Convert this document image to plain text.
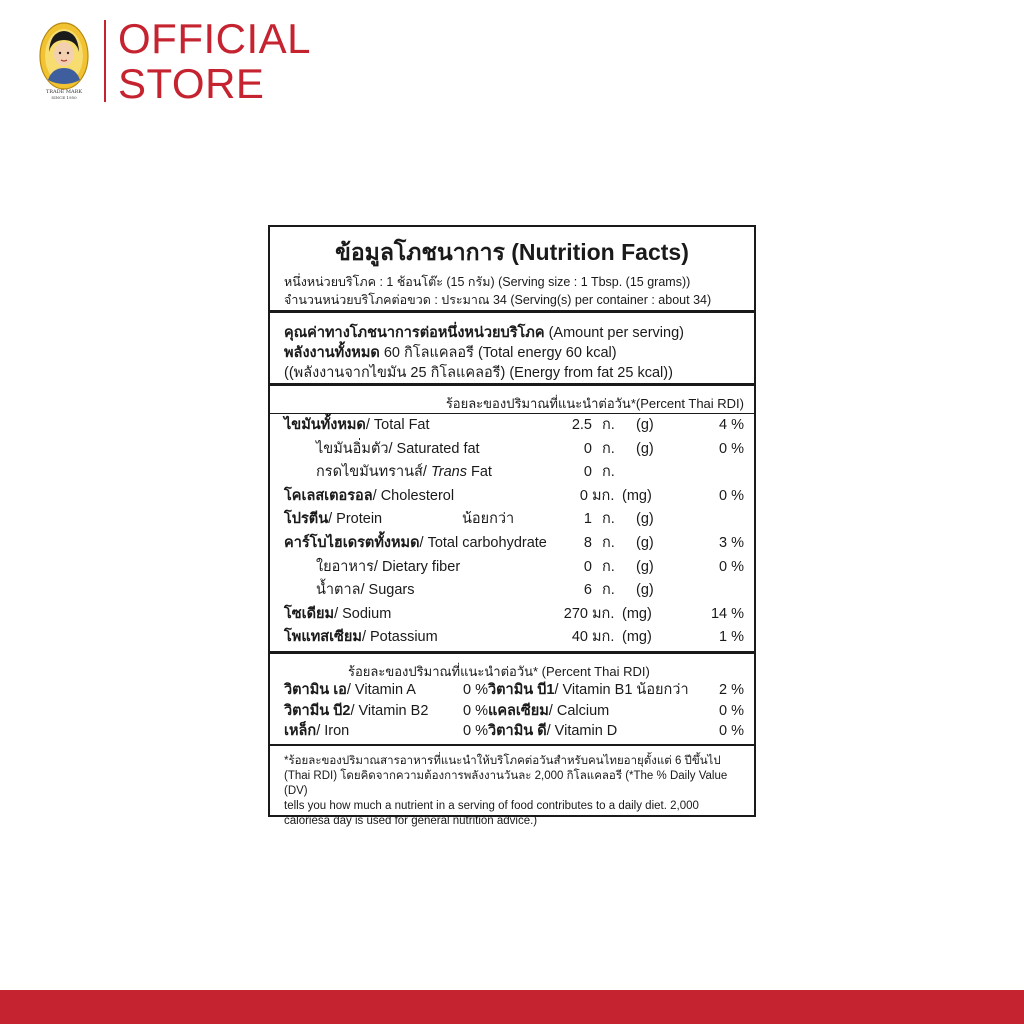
TRADE MARK
SINCE 1950
OFFICIAL
STORE
ข้อมูลโภชนาการ (Nutrition Facts)
หนึ่งหน่วยบริโภค : 1 ช้อนโต๊ะ (15 กรัม) (Serving size : 1 Tbsp. (15 grams))
จำนวนหน่วยบริโภคต่อขวด : ประมาณ 34 (Serving(s) per container : about 34)
คุณค่าทางโภชนาการต่อหนึ่งหน่วยบริโภค (Amount per serving)
พลังงานทั้งหมด 60 กิโลแคลอรี (Total energy 60 kcal)
((พลังงานจากไขมัน 25 กิโลแคลอรี) (Energy from fat 25 kcal))
ร้อยละของปริมาณที่แนะนำต่อวัน*(Percent Thai RDI)
ไขมันทั้งหมด/ Total Fat	2.5 ก. (g)	4 %
ไขมันอิ่มตัว/ Saturated fat	0 ก. (g)	0 %
กรดไขมันทรานส์/ Trans Fat	0 ก.
โคเลสเตอรอล/ Cholesterol	0 มก. (mg)	0 %
โปรตีน/ Protein	น้อยกว่า	1 ก. (g)
คาร์โบไฮเดรตทั้งหมด/ Total carbohydrate	8 ก. (g)	3 %
ใยอาหาร/ Dietary fiber	0 ก. (g)	0 %
น้ำตาล/ Sugars	6 ก. (g)
โซเดียม/ Sodium	270 มก. (mg)	14 %
โพแทสเซียม/ Potassium	40 มก. (mg)	1 %
ร้อยละของปริมาณที่แนะนำต่อวัน* (Percent Thai RDI)
วิตามิน เอ/ Vitamin A	0 % วิตามิน บี1/ Vitamin B1 น้อยกว่า 2 %
วิตามีน บี2/ Vitamin B2 0 % แคลเซียม/ Calcium	0 %
เหล็ก/ Iron	0 % วิตามิน ดี/ Vitamin D	0 %
*ร้อยละของปริมาณสารอาหารที่แนะนำให้บริโภคต่อวันสำหรับคนไทยอายุตั้งแต่ 6 ปีขึ้นไป
(Thai RDI) โดยคิดจากความต้องการพลังงานวันละ 2,000 กิโลแคลอรี (*The % Daily Value (DV)
tells you how much a nutrient in a serving of food contributes to a daily diet. 2,000
caloriesa day is used for general nutrition advice.)
